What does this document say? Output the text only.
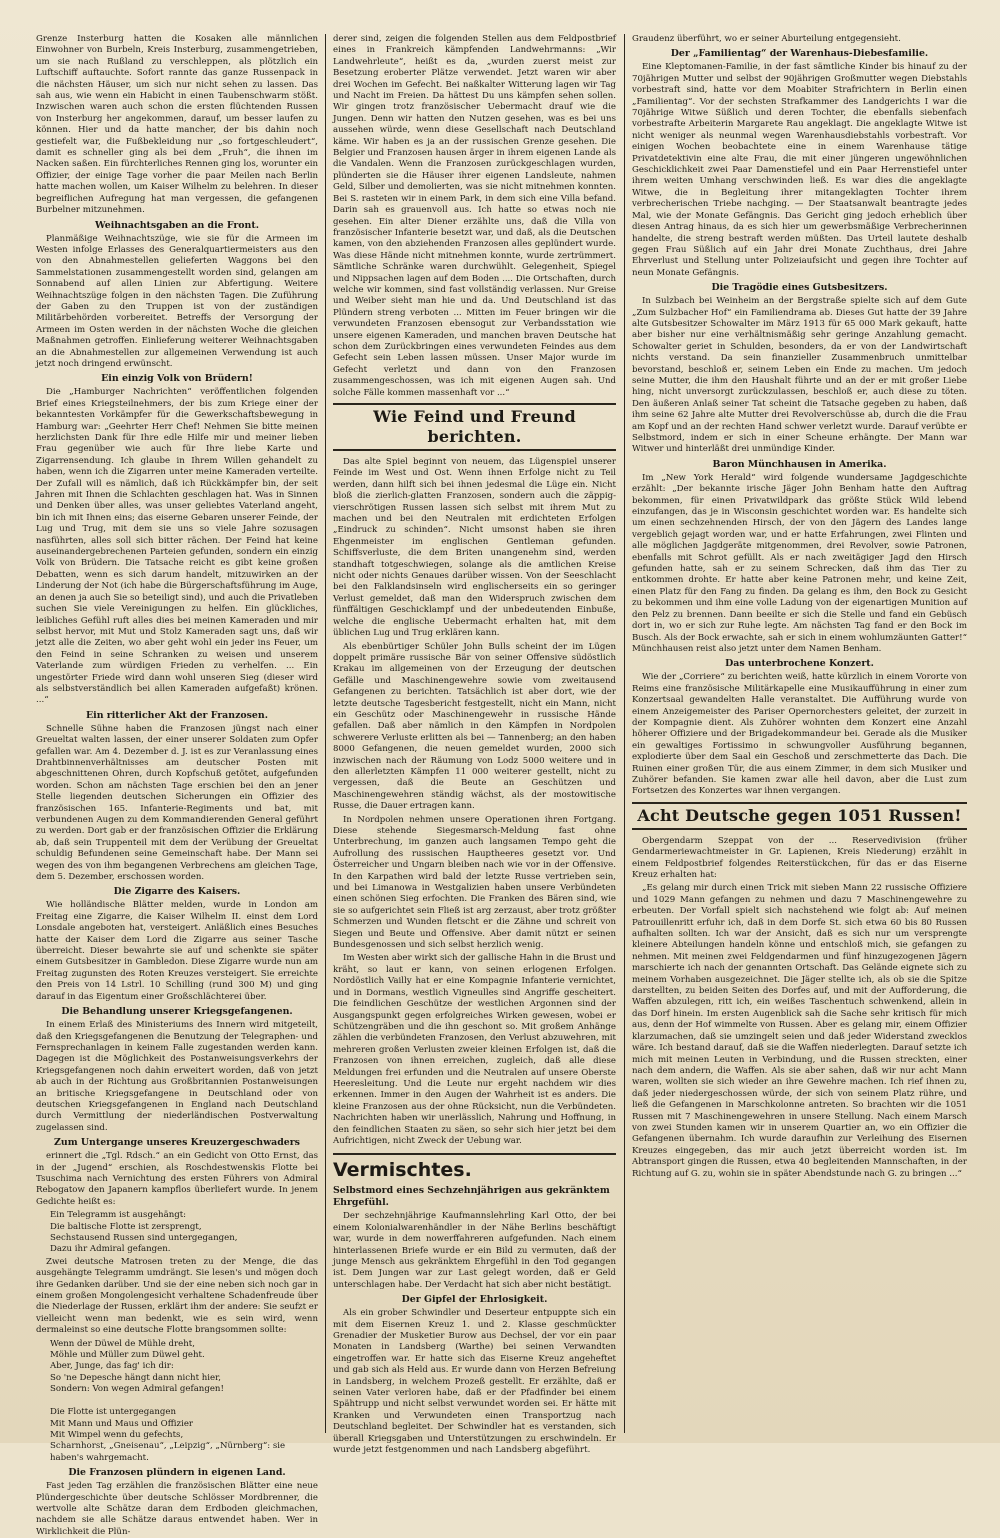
Grenze Insterburg hatten die Kosaken alle männlichen Einwohner von Burbeln, Kreis Insterburg, zusammengetrieben, um sie nach Rußland zu verschleppen, als plötzlich ein Luftschiff auftauchte. Sofort rannte das ganze Russenpack in die nächsten Häuser, um sich nur nicht sehen zu lassen. Das sah aus, wie wenn ein Habicht in einen Taubenschwarm stößt. Inzwischen waren auch schon die ersten flüchtenden Russen von Insterburg her angekommen, darauf, um besser laufen zu können. Hier und da hatte mancher, der bis dahin noch gestiefelt war, die Fußbekleidung nur „so fortgeschleudert“, damit es schneller ging als bei dem „Fruh“, die ihnen im Nacken saßen. Ein fürchterliches Rennen ging los, worunter ein Offizier, der einige Tage vorher die paar Meilen nach Berlin hatte machen wollen, um Kaiser Wilhelm zu belehren. In dieser begreiflichen Aufregung hat man vergessen, die gefangenen Burbelner mitzunehmen.

Weihnachtsgaben an die Front.

Planmäßige Weihnachtszüge, wie sie für die Armeen im Westen infolge Erlasses des Generalquartiermeisters aus den von den Abnahmestellen gelieferten Waggons bei den Sammelstationen zusammengestellt worden sind, gelangen am Sonnabend auf allen Linien zur Abfertigung. Weitere Weihnachtszüge folgen in den nächsten Tagen. Die Zuführung der Gaben zu den Truppen ist von der zuständigen Militärbehörden vorbereitet. Betreffs der Versorgung der Armeen im Osten werden in der nächsten Woche die gleichen Maßnahmen getroffen. Einlieferung weiterer Weihnachtsgaben an die Abnahmestellen zur allgemeinen Verwendung ist auch jetzt noch dringend erwünscht.

Ein einzig Volk von Brüdern!

Die „Hamburger Nachrichten“ veröffentlichen folgenden Brief eines Kriegsteilnehmers, der bis zum Kriege einer der bekanntesten Vorkämpfer für die Gewerkschaftsbewegung in Hamburg war: „Geehrter Herr Chef! Nehmen Sie bitte meinen herzlichsten Dank für Ihre edle Hilfe mir und meiner lieben Frau gegenüber wie auch für Ihre liebe Karte und Zigarrensendung. Ich glaube in Ihrem Willen gehandelt zu haben, wenn ich die Zigarren unter meine Kameraden verteilte. Der Zufall will es nämlich, daß ich Rückkämpfer bin, der seit Jahren mit Ihnen die Schlachten geschlagen hat. Was in Sinnen und Denken über alles, was unser geliebtes Vaterland angeht, bin ich mit Ihnen eins; das eiserne Gebaren unserer Feinde, der Lug und Trug, mit dem sie uns so viele Jahre sozusagen nasführten, alles soll sich bitter rächen. Der Feind hat keine auseinandergebrechenen Parteien gefunden, sondern ein einzig Volk von Brüdern. Die Tatsache reicht es gibt keine großen Debatten, wenn es sich darum handelt, mitzuwirken an der Linderung der Not (ich habe die Bürgerschaftsführung im Auge, an denen ja auch Sie so beteiligt sind), und auch die Privatleben suchen Sie viele Vereinigungen zu helfen. Ein glückliches, leibliches Gefühl ruft alles dies bei meinen Kameraden und mir selbst hervor, mit Mut und Stolz Kameraden sagt uns, daß wir jetzt alle die Zeiten, wo aber geht wohl ein jeder ins Feuer, um den Feind in seine Schranken zu weisen und unserem Vaterlande zum würdigen Frieden zu verhelfen. ... Ein ungestörter Friede wird dann wohl unseren Sieg (dieser wird als selbstverständlich bei allen Kameraden aufgefaßt) krönen. ...“

Ein ritterlicher Akt der Franzosen.

Schnelle Sühne haben die Franzosen jüngst nach einer Greueltat walten lassen, der einer unserer Soldaten zum Opfer gefallen war. Am 4. Dezember d. J. ist es zur Veranlassung eines Drahtbinnenverhältnisses am deutscher Posten mit abgeschnittenen Ohren, durch Kopfschuß getötet, aufgefunden worden. Schon am nächsten Tage erschien bei den an jener Stelle liegenden deutschen Sicherungen ein Offizier des französischen 165. Infanterie-Regiments und bat, mit verbundenen Augen zu dem Kommandierenden General geführt zu werden. Dort gab er der französischen Offizier die Erklärung ab, daß sein Truppenteil mit dem der Verübung der Greueltat schuldig Befundenen seine Gemeinschaft habe. Der Mann sei wegen des von ihm begangenen Verbrechens am gleichen Tage, dem 5. Dezember, erschossen worden.

Die Zigarre des Kaisers.

Wie holländische Blätter melden, wurde in London am Freitag eine Zigarre, die Kaiser Wilhelm II. einst dem Lord Lonsdale angeboten hat, versteigert. Anläßlich eines Besuches hatte der Kaiser dem Lord die Zigarre aus seiner Tasche überreicht. Dieser bewahrte sie auf und schenkte sie später einem Gutsbesitzer in Gambledon. Diese Zigarre wurde nun am Freitag zugunsten des Roten Kreuzes versteigert. Sie erreichte den Preis von 14 Lstrl. 10 Schilling (rund 300 M) und ging darauf in das Eigentum einer Großschlächterei über.

Die Behandlung unserer Kriegsgefangenen.

In einem Erlaß des Ministeriums des Innern wird mitgeteilt, daß den Kriegsgefangenen die Benutzung der Telegraphen- und Fernsprechanlagen in keinem Falle zugestanden werden kann. Dagegen ist die Möglichkeit des Postanweisungsverkehrs der Kriegsgefangenen noch dahin erweitert worden, daß von jetzt ab auch in der Richtung aus Großbritannien Postanweisungen an britische Kriegsgefangene in Deutschland oder von deutschen Kriegsgefangenen in England nach Deutschland durch Vermittlung der niederländischen Postverwaltung zugelassen sind.

Zum Untergange unseres Kreuzergeschwaders

erinnert die „Tgl. Rdsch.“ an ein Gedicht von Otto Ernst, das in der „Jugend“ erschien, als Roschdestwenskis Flotte bei Tsuschima nach Vernichtung des ersten Führers von Admiral Rebogatow den Japanern kampflos überliefert wurde. In jenem Gedichte heißt es:

Ein Telegramm ist ausgehängt:
Die baltische Flotte ist zersprengt,
Sechstausend Russen sind untergegangen,
Dazu ihr Admiral gefangen.

Zwei deutsche Matrosen treten zu der Menge, die das ausgehängte Telegramm umdrängt. Sie lesen's und mögen doch ihre Gedanken darüber. Und sie der eine neben sich noch gar in einem großen Mongolengesicht verhaltene Schadenfreude über die Niederlage der Russen, erklärt ihm der andere: Sie seufzt er vielleicht wenn man bedenkt, wie es sein wird, wenn dermaleinst so eine deutsche Flotte brangsommen sollte:

Wenn der Düwel de Mühle dreht,
Möhle und Müller zum Düwel geht.
Aber, Junge, das fag' ich dir:
So 'ne Depesche hängt dann nicht hier,
Sondern: Von wegen Admiral gefangen!

Die Flotte ist untergegangen
Mit Mann und Maus und Offizier
Mit Wimpel wenn du gefechts,
Scharnhorst, „Gneisenau“, „Leipzig“, „Nürnberg“: sie haben's wahrgemacht.

Die Franzosen plündern in eigenen Land.

Fast jeden Tag erzählen die französischen Blätter eine neue Plündergeschichte über deutsche Schlösser Mordbrenner, die wertvolle alte Schätze daran dem Erdboden gleichmachen, nachdem sie alle Schätze daraus entwendet haben. Wer in Wirklichkeit die Plün-

derer sind, zeigen die folgenden Stellen aus dem Feldpostbrief eines in Frankreich kämpfenden Landwehrmanns: „Wir Landwehrleute“, heißt es da, „wurden zuerst meist zur Besetzung eroberter Plätze verwendet. Jetzt waren wir aber drei Wochen im Gefecht. Bei naßkalter Witterung lagen wir Tag und Nacht im Freien. Da hättest Du uns kämpfen sehen sollen. Wir gingen trotz französischer Uebermacht drauf wie die Jungen. Denn wir hatten den Nutzen gesehen, was es bei uns aussehen würde, wenn diese Gesellschaft nach Deutschland käme. Wir haben es ja an der russischen Grenze gesehen. Die Belgier und Franzosen hausen ärger in ihrem eigenen Lande als die Vandalen. Wenn die Franzosen zurückgeschlagen wurden, plünderten sie die Häuser ihrer eigenen Landsleute, nahmen Geld, Silber und demolierten, was sie nicht mitnehmen konnten. Bei S. rasteten wir in einem Park, in dem sich eine Villa befand. Darin sah es grauenvoll aus. Ich hatte so etwas noch nie gesehen. Ein alter Diener erzählte uns, daß die Villa von französischer Infanterie besetzt war, und daß, als die Deutschen kamen, von den abziehenden Franzosen alles geplündert wurde. Was diese Hände nicht mitnehmen konnte, wurde zertrümmert. Sämtliche Schränke waren durchwühlt. Gelegenheit, Spiegel und Nippsachen lagen auf dem Boden .... Die Ortschaften, durch welche wir kommen, sind fast vollständig verlassen. Nur Greise und Weiber sieht man hie und da. Und Deutschland ist das Plündern streng verboten ... Mitten im Feuer bringen wir die verwundeten Franzosen ebensogut zur Verbandsstation wie unsere eigenen Kameraden, und manchen braven Deutsche hat schon dem Zurückbringen eines verwundeten Feindes aus dem Gefecht sein Leben lassen müssen. Unser Major wurde im Gefecht verletzt und dann von den Franzosen zusammengeschossen, was ich mit eigenen Augen sah. Und solche Fälle kommen massenhaft vor ...“

Wie Feind und Freund berichten.

Das alte Spiel beginnt von neuem, das Lügenspiel unserer Feinde im West und Ost. Wenn ihnen Erfolge nicht zu Teil werden, dann hilft sich bei ihnen jedesmal die Lüge ein. Nicht bloß die zierlich-glatten Franzosen, sondern auch die zäppig-vierschrötigen Russen lassen sich selbst mit ihrem Mut zu machen und bei den Neutralen mit erdichteten Erfolgen „Eindruck zu schinden“. Nicht umsonst haben sie ihren Ehgenmeister im englischen Gentleman gefunden. Schiffsverluste, die dem Briten unangenehm sind, werden standhaft totgeschwiegen, solange als die amtlichen Kreise nicht oder nichts Genaues darüber wissen. Von der Seeschlacht bei den Falklandsinseln wird englischerseits ein so geringer Verlust gemeldet, daß man den Widerspruch zwischen dem fünffältigen Geschicklampf und der unbedeutenden Einbuße, welche die englische Uebermacht erhalten hat, mit dem üblichen Lug und Trug erklären kann.

Als ebenbürtiger Schüler John Bulls scheint der im Lügen doppelt primäre russische Bär von seiner Offensive südöstlich Krakau im allgemeinen von der Erzeugung der deutschen Gefälle und Maschinengewehre sowie vom zweitausend Gefangenen zu berichten. Tatsächlich ist aber dort, wie der letzte deutsche Tagesbericht festgestellt, nicht ein Mann, nicht ein Geschütz oder Maschinengewehr in russische Hände gefallen. Daß aber nämlich in den Kämpfen in Nordpolen schwerere Verluste erlitten als bei — Tannenberg; an den haben 8000 Gefangenen, die neuen gemeldet wurden, 2000 sich inzwischen nach der Räumung von Lodz 5000 weitere und in den allerletzten Kämpfen 11 000 weiterer gestellt, nicht zu vergessen, daß die Beute an Geschützen und Maschinengewehren ständig wächst, als der mostowitische Russe, die Dauer ertragen kann.

In Nordpolen nehmen unsere Operationen ihren Fortgang. Diese stehende Siegesmarsch-Meldung fast ohne Unterbrechung, im ganzen auch langsamen Tempo geht die Aufrollung des russischen Hauptheeres gesetzt vor. Und Österreicher und Ungarn bleiben nach wie vor in der Offensive. In den Karpathen wird bald der letzte Russe vertrieben sein, und bei Limanowa in Westgalizien haben unsere Verbündeten einen schönen Sieg erfochten. Die Franken des Bären sind, wie sie so aufgerichtet sein Fließ ist arg zerzaust, aber trotz größter Schmerzen und Wunden fletscht er die Zähne und schreit von Siegen und Beute und Offensive. Aber damit nützt er seinen Bundesgenossen und sich selbst herzlich wenig.

Im Westen aber wirkt sich der gallische Hahn in die Brust und kräht, so laut er kann, von seinen erlogenen Erfolgen. Nordöstlich Vailly hat er eine Kompagnie Infanterie vernichtet, und in Dormans, westlich Vigneulles sind Angriffe gescheitert. Die feindlichen Geschütze der westlichen Argonnen sind der Ausgangspunkt gegen erfolgreiches Wirken gewesen, wobei er Schützengräben und die ihn geschont so. Mit großem Anhänge zählen die verbündeten Franzosen, den Verlust abzuwehren, mit mehreren großen Verlusten zweier kleinen Erfolgen ist, daß die Franzosen von ihnen erreichen, zugleich, daß alle diese Meldungen frei erfunden und die Neutralen auf unsere Oberste Heeresleitung. Und die Leute nur ergeht nachdem wir dies erkennen. Immer in den Augen der Wahrheit ist es anders. Die kleine Franzosen aus der ohne Rücksicht, nun die Verbündeten. Nachrichten haben wir unerlässlich, Nahrung und Hoffnung, in den feindlichen Staaten zu säen, so sehr sich hier jetzt bei dem Aufrichtigen, nicht Zweck der Uebung war.

Vermischtes.
Selbstmord eines Sechzehnjährigen aus gekränktem Ehrgefühl.

Der sechzehnjährige Kaufmannslehrling Karl Otto, der bei einem Kolonialwarenhändler in der Nähe Berlins beschäftigt war, wurde in dem nowerffahreren aufgefunden. Nach einem hinterlassenen Briefe wurde er ein Bild zu vermuten, daß der junge Mensch aus gekränktem Ehrgefühl in den Tod gegangen ist. Dem Jungen war zur Last gelegt worden, daß er Geld unterschlagen habe. Der Verdacht hat sich aber nicht bestätigt.

Der Gipfel der Ehrlosigkeit.

Als ein grober Schwindler und Deserteur entpuppte sich ein mit dem Eisernen Kreuz 1. und 2. Klasse geschmückter Grenadier der Musketier Burow aus Dechsel, der vor ein paar Monaten in Landsberg (Warthe) bei seinen Verwandten eingetroffen war. Er hatte sich das Eiserne Kreuz angeheftet und gab sich als Held aus. Er wurde dann von Herzen Befreiung in Landsberg, in welchem Prozeß gestellt. Er erzählte, daß er seinen Vater verloren habe, daß er der Pfadfinder bei einem Spähtrupp und nicht selbst verwundet worden sei. Er hätte mit Kranken und Verwundeten einen Transportzug nach Deutschland begleitet. Der Schwindler hat es verstanden, sich überall Kriegsgaben und Unterstützungen zu erschwindeln. Er wurde jetzt festgenommen und nach Landsberg abgeführt.

Graudenz überführt, wo er seiner Aburteilung entgegensieht.

Der „Familientag“ der Warenhaus-Diebesfamilie.

Eine Kleptomanen-Familie, in der fast sämtliche Kinder bis hinauf zu der 70jährigen Mutter und selbst der 90jährigen Großmutter wegen Diebstahls vorbestraft sind, hatte vor dem Moabiter Strafrichtern in Berlin einen „Familientag“. Vor der sechsten Strafkammer des Landgerichts I war die 70jährige Witwe Süßlich und deren Tochter, die ebenfalls siebenfach vorbestrafte Arbeiterin Margarete Rau angeklagt. Die angeklagte Witwe ist nicht weniger als neunmal wegen Warenhausdiebstahls vorbestraft. Vor einigen Wochen beobachtete eine in einem Warenhause tätige Privatdetektivin eine alte Frau, die mit einer jüngeren ungewöhnlichen Geschicklichkeit zwei Paar Damenstiefel und ein Paar Herrenstiefel unter ihrem weiten Umhang verschwinden ließ. Es war dies die angeklagte Witwe, die in Begleitung ihrer mitangeklagten Tochter ihrem verbrecherischen Triebe nachging. — Der Staatsanwalt beantragte jedes Mal, wie der Monate Gefängnis. Das Gericht ging jedoch erheblich über diesen Antrag hinaus, da es sich hier um gewerbsmäßige Verbrecherinnen handelte, die streng bestraft werden müßten. Das Urteil lautete deshalb gegen Frau Süßlich auf ein Jahr drei Monate Zuchthaus, drei Jahre Ehrverlust und Stellung unter Polizeiaufsicht und gegen ihre Tochter auf neun Monate Gefängnis.

Die Tragödie eines Gutsbesitzers.

In Sulzbach bei Weinheim an der Bergstraße spielte sich auf dem Gute „Zum Sulzbacher Hof“ ein Familiendrama ab. Dieses Gut hatte der 39 Jahre alte Gutsbesitzer Schowalter im März 1913 für 65 000 Mark gekauft, hatte aber bisher nur eine verhältnismäßig sehr geringe Anzahlung gemacht. Schowalter geriet in Schulden, besonders, da er von der Landwirtschaft nichts verstand. Da sein finanzieller Zusammenbruch unmittelbar bevorstand, beschloß er, seinem Leben ein Ende zu machen. Um jedoch seine Mutter, die ihm den Haushalt führte und an der er mit großer Liebe hing, nicht unversorgt zurückzulassen, beschloß er, auch diese zu töten. Den äußeren Anlaß seiner Tat scheint die Tatsache gegeben zu haben, daß ihm seine 62 Jahre alte Mutter drei Revolverschüsse ab, durch die die Frau am Kopf und an der rechten Hand schwer verletzt wurde. Darauf verübte er Selbstmord, indem er sich in einer Scheune erhängte. Der Mann war Witwer und hinterläßt drei unmündige Kinder.

Baron Münchhausen in Amerika.

Im „New York Herald“ wird folgende wundersame Jagdgeschichte erzählt: „Der bekannte irische Jäger John Benham hatte den Auftrag bekommen, für einen Privatwildpark das größte Stück Wild lebend einzufangen, das je in Wisconsin geschichtet worden war. Es handelte sich um einen sechzehnenden Hirsch, der von den Jägern des Landes lange vergeblich gejagt worden war, und er hatte Erfahrungen, zwei Flinten und alle möglichen Jagdgeräte mitgenommen, drei Revolver, sowie Patronen, ebenfalls mit Schrot gefüllt. Als er nach zweitägiger Jagd den Hirsch gefunden hatte, sah er zu seinem Schrecken, daß ihm das Tier zu entkommen drohte. Er hatte aber keine Patronen mehr, und keine Zeit, einen Platz für den Fang zu finden. Da gelang es ihm, den Bock zu Gesicht zu bekommen und ihm eine volle Ladung von der eigenartigen Munition auf den Pelz zu brennen. Dann beeilte er sich die Stelle und fand ein Gebüsch dort in, wo er sich zur Ruhe legte. Am nächsten Tag fand er den Bock im Busch. Als der Bock erwachte, sah er sich in einem wohlumzäunten Gatter!“ Münchhausen reist also jetzt unter dem Namen Benham.

Das unterbrochene Konzert.

Wie der „Corriere“ zu berichten weiß, hatte kürzlich in einem Vororte von Reims eine französische Militärkapelle eine Musikaufführung in einer zum Konzertsaal gewandelten Halle veranstaltet. Die Aufführung wurde von einem Anzeigemeister des Pariser Opernorchesters geleitet, der zurzeit in der Kompagnie dient. Als Zuhörer wohnten dem Konzert eine Anzahl höherer Offiziere und der Brigadekommandeur bei. Gerade als die Musiker ein gewaltiges Fortissimo in schwungvoller Ausführung begannen, explodierte über dem Saal ein Geschoß und zerschmetterte das Dach. Die Ruinen einer großen Tür, die aus einem Zimmer, in dem sich Musiker und Zuhörer befanden. Sie kamen zwar alle heil davon, aber die Lust zum Fortsetzen des Konzertes war ihnen vergangen.

Acht Deutsche gegen 1051 Russen!

Obergendarm Szeppat von der ... Reservedivision (früher Gendarmeriewachtmeister in Gr. Lapienen, Kreis Niederung) erzählt in einem Feldpostbrief folgendes Reiterstückchen, für das er das Eiserne Kreuz erhalten hat:

„Es gelang mir durch einen Trick mit sieben Mann 22 russische Offiziere und 1029 Mann gefangen zu nehmen und dazu 7 Maschinengewehre zu erbeuten. Der Vorfall spielt sich nachstehend wie folgt ab: Auf meinen Patrouillenritt erfuhr ich, daß in dem Dorfe St. sich etwa 60 bis 80 Russen aufhalten sollten. Ich war der Ansicht, daß es sich nur um versprengte kleinere Abteilungen handeln könne und entschloß mich, sie gefangen zu nehmen. Mit meinen zwei Feldgendarmen und fünf hinzugezogenen Jägern marschierte ich nach der genannten Ortschaft. Das Gelände eignete sich zu meinem Vorhaben ausgezeichnet. Die Jäger stellte ich, als ob sie die Spitze darstellten, zu beiden Seiten des Dorfes auf, und mit der Aufforderung, die Waffen abzulegen, ritt ich, ein weißes Taschentuch schwenkend, allein in das Dorf hinein. Im ersten Augenblick sah die Sache sehr kritisch für mich aus, denn der Hof wimmelte von Russen. Aber es gelang mir, einem Offizier klarzumachen, daß sie umzingelt seien und daß jeder Widerstand zwecklos wäre. Ich bestand darauf, daß sie die Waffen niederlegten. Darauf setzte ich mich mit meinen Leuten in Verbindung, und die Russen streckten, einer nach dem andern, die Waffen. Als sie aber sahen, daß wir nur acht Mann waren, wollten sie sich wieder an ihre Gewehre machen. Ich rief ihnen zu, daß jeder niedergeschossen würde, der sich von seinem Platz rühre, und ließ die Gefangenen in Marschkolonne antreten. So brachten wir die 1051 Russen mit 7 Maschinengewehren in unsere Stellung. Nach einem Marsch von zwei Stunden kamen wir in unserem Quartier an, wo ein Offizier die Gefangenen übernahm. Ich wurde daraufhin zur Verleihung des Eisernen Kreuzes eingegeben, das mir auch jetzt überreicht worden ist. Im Abtransport gingen die Russen, etwa 40 begleitenden Mannschaften, in der Richtung auf G. zu, wohin sie in später Abendstunde nach G. zu bringen ...“
